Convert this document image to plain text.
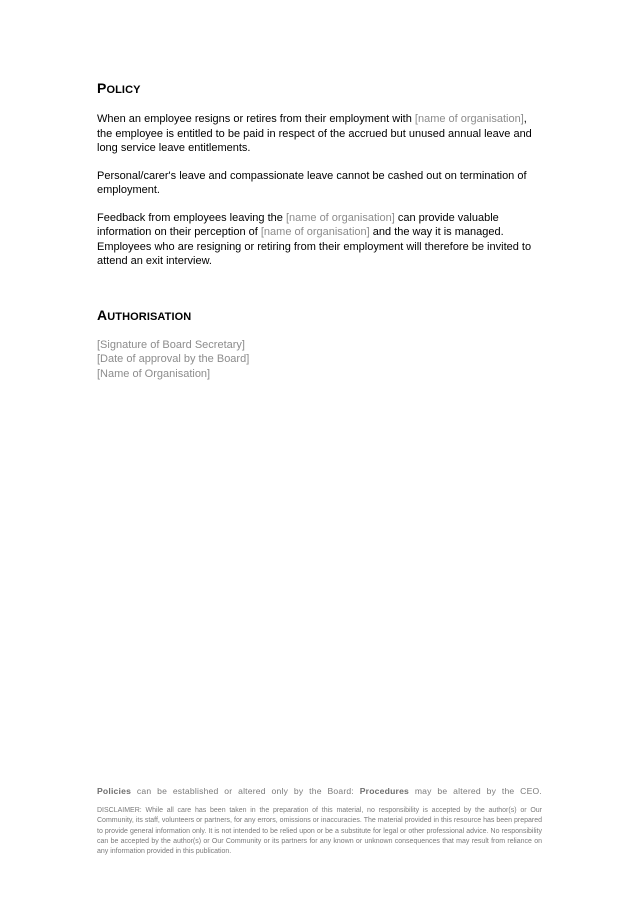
POLICY

When an employee resigns or retires from their employment with [name of organisation], the employee is entitled to be paid in respect of the accrued but unused annual leave and long service leave entitlements.

Personal/carer's leave and compassionate leave cannot be cashed out on termination of employment.

Feedback from employees leaving the [name of organisation] can provide valuable information on their perception of [name of organisation] and the way it is managed. Employees who are resigning or retiring from their employment will therefore be invited to attend an exit interview.

AUTHORISATION
[Signature of Board Secretary]
[Date of approval by the Board]
[Name of Organisation]

Policies can be established or altered only by the Board: Procedures may be altered by the CEO.

DISCLAIMER: While all care has been taken in the preparation of this material, no responsibility is accepted by the author(s) or Our Community, its staff, volunteers or partners, for any errors, omissions or inaccuracies. The material provided in this resource has been prepared to provide general information only. It is not intended to be relied upon or be a substitute for legal or other professional advice. No responsibility can be accepted by the author(s) or Our Community or its partners for any known or unknown consequences that may result from reliance on any information provided in this publication.
